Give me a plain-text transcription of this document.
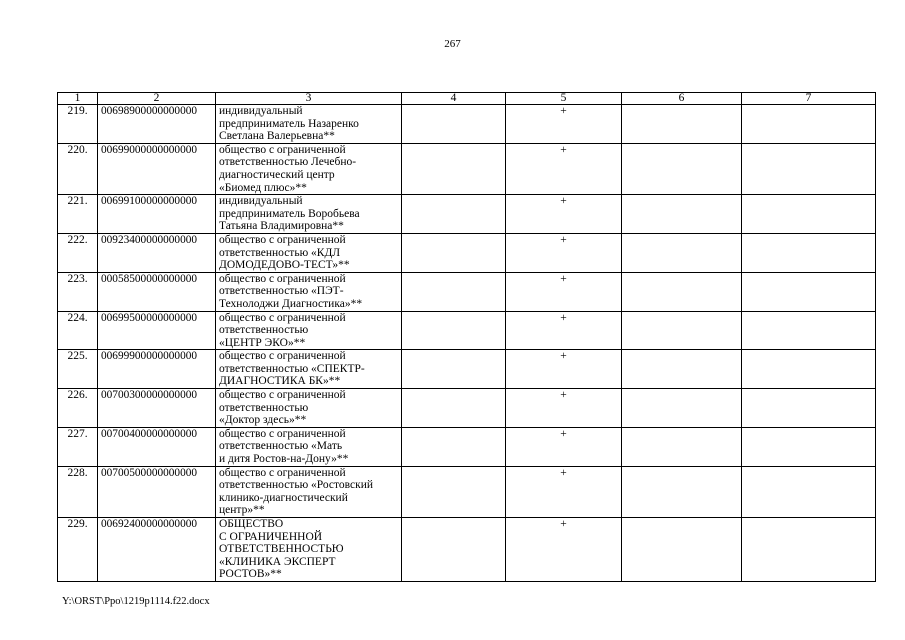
267
1	2	3	4	5	6	7
219.	00698900000000000	индивидуальный
предприниматель Назаренко
Светлана Валерьевна**		+		
220.	00699000000000000	общество с ограниченной
ответственностью Лечебно-
диагностический центр
«Биомед плюс»**		+		
221.	00699100000000000	индивидуальный
предприниматель Воробьева
Татьяна Владимировна**		+		
222.	00923400000000000	общество с ограниченной
ответственностью «КДЛ
ДОМОДЕДОВО-ТЕСТ»**		+		
223.	00058500000000000	общество с ограниченной
ответственностью «ПЭТ-
Технолоджи Диагностика»**		+		
224.	00699500000000000	общество с ограниченной
ответственностью
«ЦЕНТР ЭКО»**		+		
225.	00699900000000000	общество с ограниченной
ответственностью «СПЕКТР-
ДИАГНОСТИКА БК»**		+		
226.	00700300000000000	общество с ограниченной
ответственностью
«Доктор здесь»**		+		
227.	00700400000000000	общество с ограниченной
ответственностью «Мать
и дитя Ростов-на-Дону»**		+		
228.	00700500000000000	общество с ограниченной
ответственностью «Ростовский
клинико-диагностический
центр»**		+		
229.	00692400000000000	ОБЩЕСТВО
С ОГРАНИЧЕННОЙ
ОТВЕТСТВЕННОСТЬЮ
«КЛИНИКА ЭКСПЕРТ
РОСТОВ»**		+		
Y:\ORST\Ppo\1219p1114.f22.docx
